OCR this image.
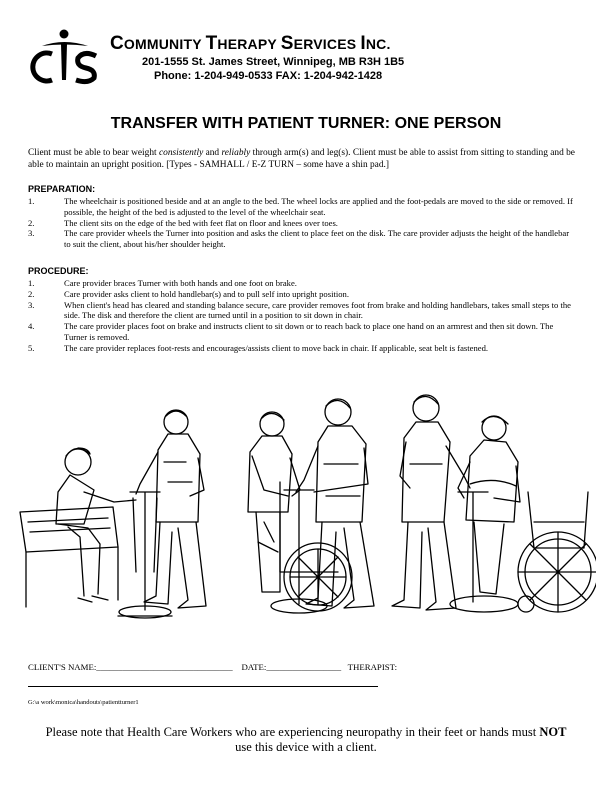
COMMUNITY THERAPY SERVICES INC.
201-1555 St. James Street, Winnipeg, MB R3H 1B5
Phone: 1-204-949-0533 FAX: 1-204-942-1428
TRANSFER WITH PATIENT TURNER: ONE PERSON
Client must be able to bear weight consistently and reliably through arm(s) and leg(s). Client must be able to assist from sitting to standing and be able to maintain an upright position. [Types - SAMHALL / E-Z TURN – some have a shin pad.]
PREPARATION:
1.	The wheelchair is positioned beside and at an angle to the bed. The wheel locks are applied and the foot-pedals are moved to the side or removed. If possible, the height of the bed is adjusted to the level of the wheelchair seat.
2.	The client sits on the edge of the bed with feet flat on floor and knees over toes.
3.	The care provider wheels the Turner into position and asks the client to place feet on the disk. The care provider adjusts the height of the handlebar to suit the client, about his/her shoulder height.
PROCEDURE:
1.	Care provider braces Turner with both hands and one foot on brake.
2.	Care provider asks client to hold handlebar(s) and to pull self into upright position.
3.	When client's head has cleared and standing balance secure, care provider removes foot from brake and holding handlebars, takes small steps to the side. The disk and therefore the client are turned until in a position to sit down in chair.
4.	The care provider places foot on brake and instructs client to sit down or to reach back to place one hand on an armrest and then sit down. The Turner is removed.
5.	The care provider replaces foot-rests and encourages/assists client to move back in chair. If applicable, seat belt is fastened.
CLIENT'S NAME:_______________________________ DATE:_________________ THERAPIST:
G:\a work\monica\handouts\patientturner1
Please note that Health Care Workers who are experiencing neuropathy in their feet or hands must NOT use this device with a client.
